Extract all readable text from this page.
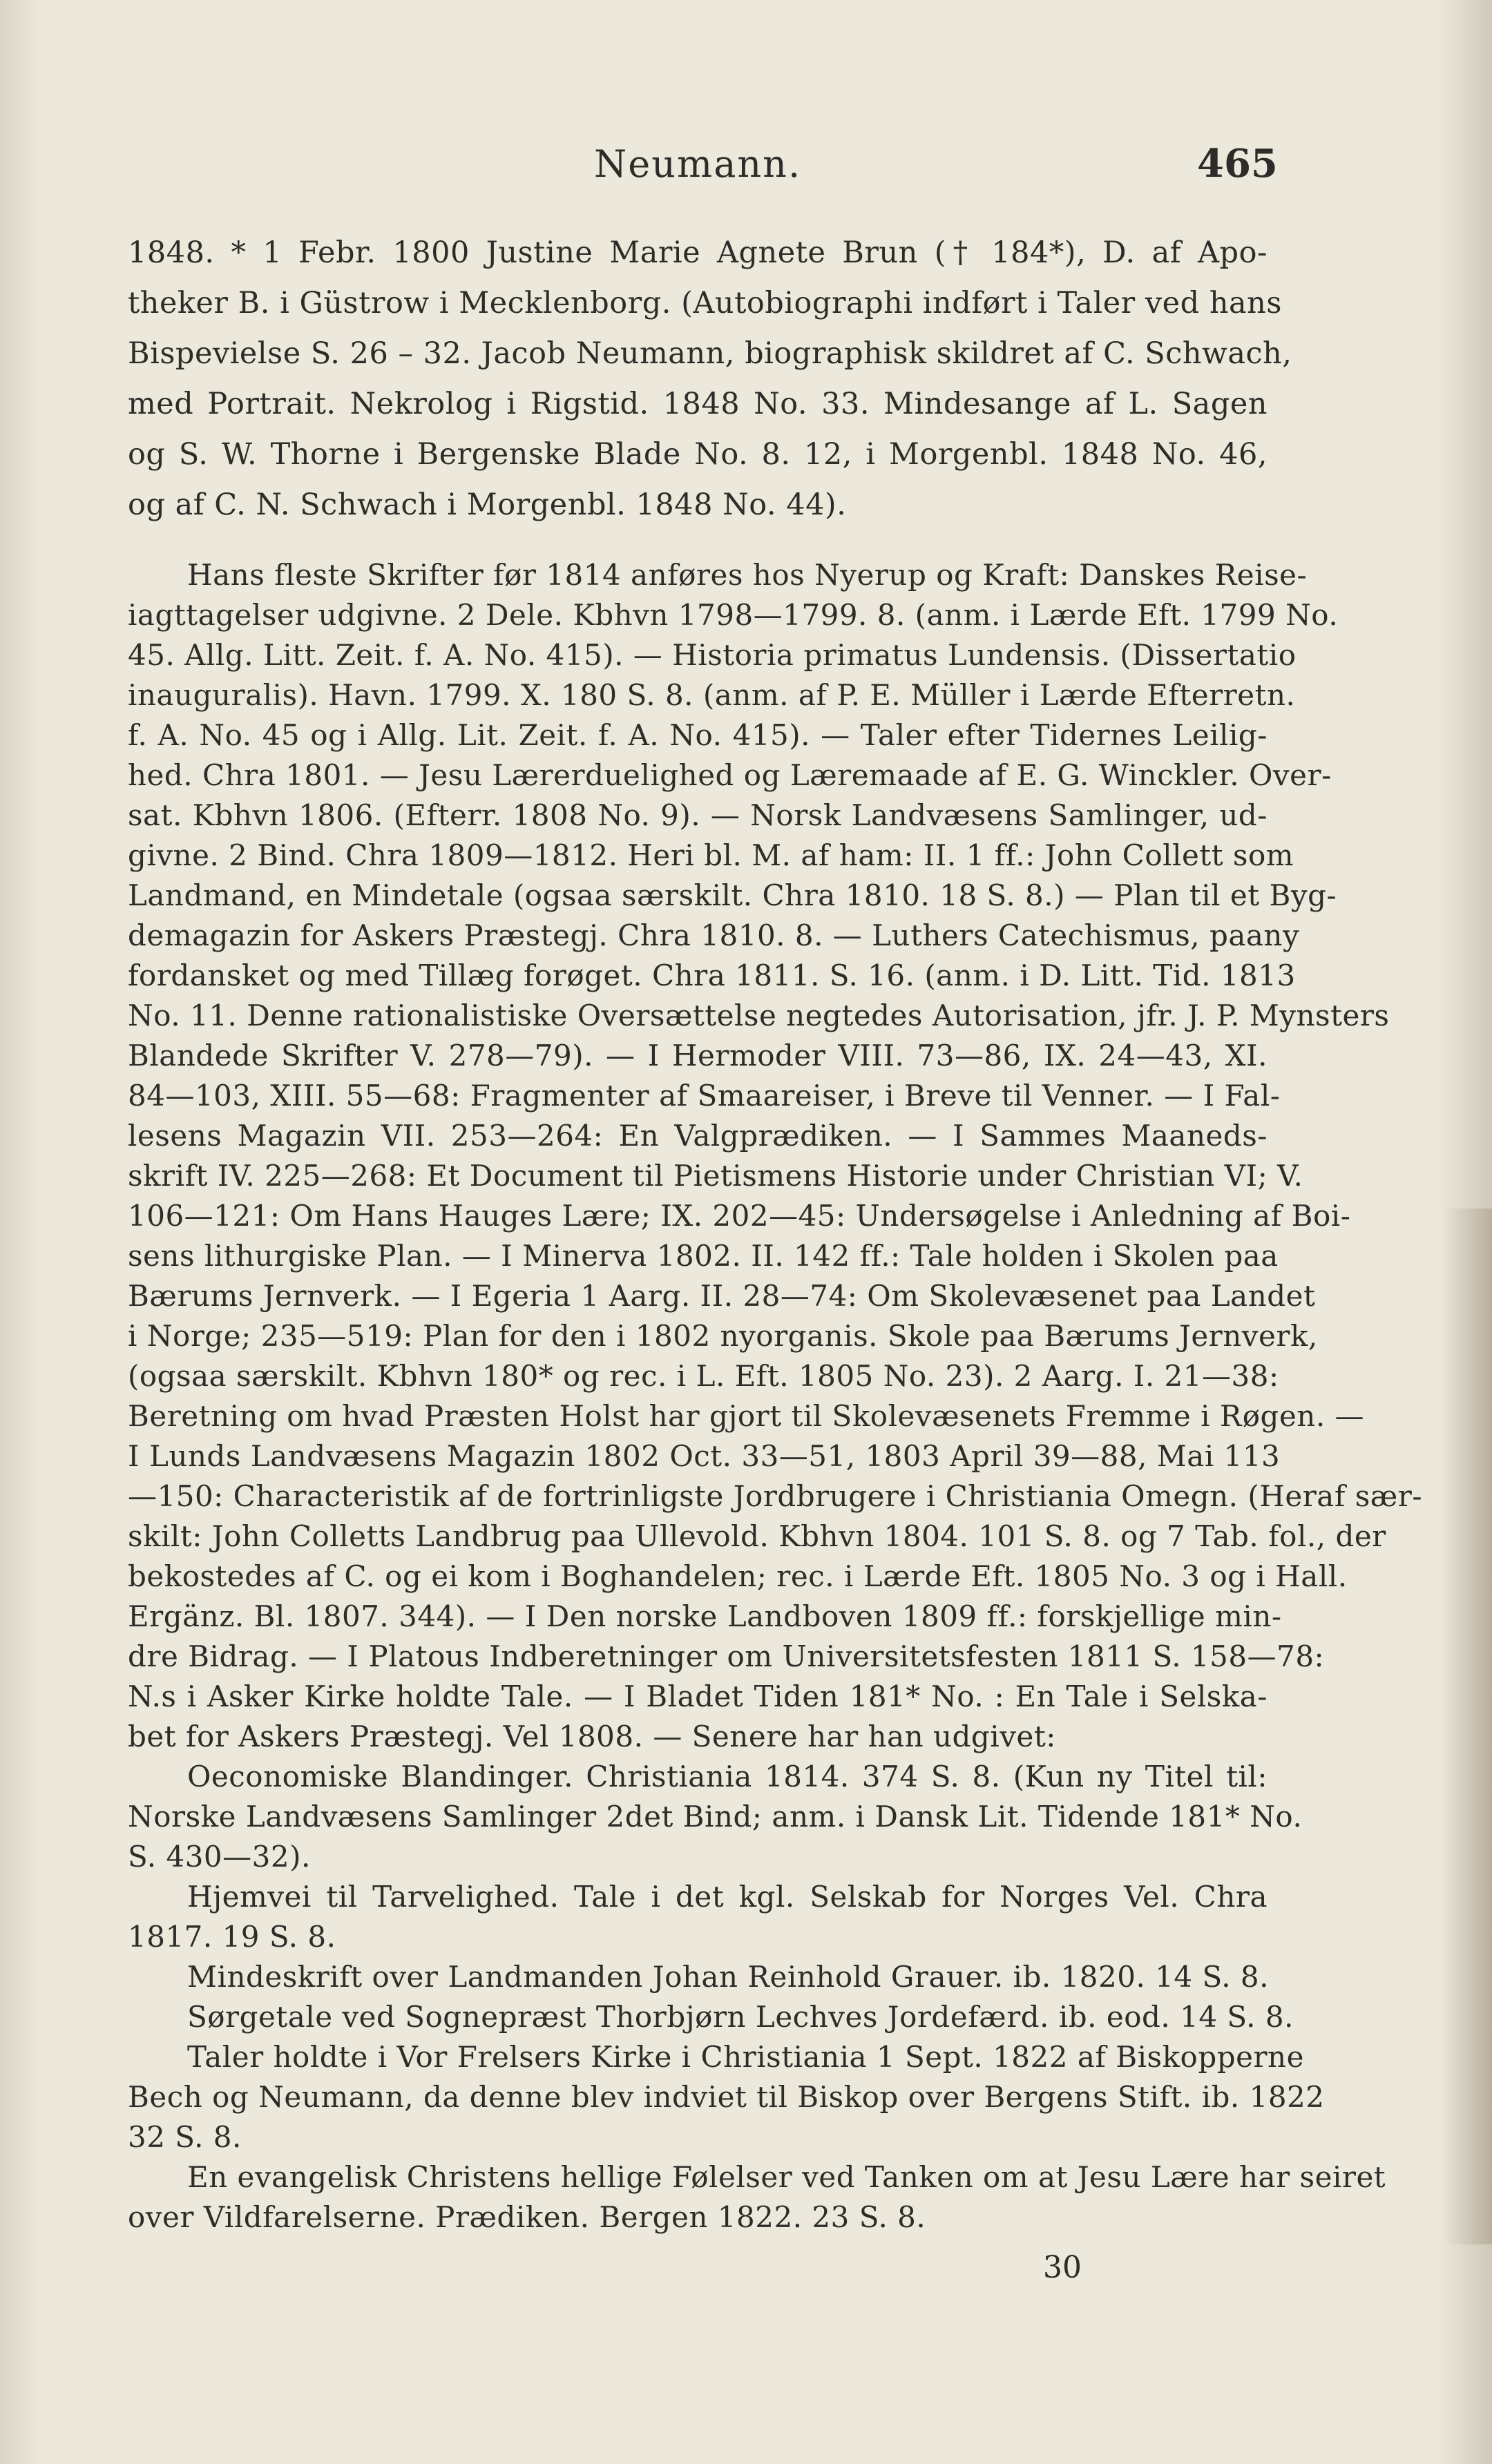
Neumann.	465
1848. * 1 Febr. 1800 Justine Marie Agnete Brun († 184*), D. af Apo-
theker B. i Güstrow i Mecklenborg. (Autobiographi indført i Taler ved hans
Bispevielse S. 26 – 32. Jacob Neumann, biographisk skildret af C. Schwach,
med Portrait. Nekrolog i Rigstid. 1848 No. 33. Mindesange af L. Sagen
og S. W. Thorne i Bergenske Blade No. 8. 12, i Morgenbl. 1848 No. 46,
og af C. N. Schwach i Morgenbl. 1848 No. 44).
Hans fleste Skrifter før 1814 anføres hos Nyerup og Kraft: Danskes Reise-
iagttagelser udgivne. 2 Dele. Kbhvn 1798—1799. 8. (anm. i Lærde Eft. 1799 No.
45. Allg. Litt. Zeit. f. A. No. 415). — Historia primatus Lundensis. (Dissertatio
inauguralis). Havn. 1799. X. 180 S. 8. (anm. af P. E. Müller i Lærde Efterretn.
f. A. No. 45 og i Allg. Lit. Zeit. f. A. No. 415). — Taler efter Tidernes Leilig-
hed. Chra 1801. — Jesu Lærerduelighed og Læremaade af E. G. Winckler. Over-
sat. Kbhvn 1806. (Efterr. 1808 No. 9). — Norsk Landvæsens Samlinger, ud-
givne. 2 Bind. Chra 1809—1812. Heri bl. M. af ham: II. 1 ff.: John Collett som
Landmand, en Mindetale (ogsaa særskilt. Chra 1810. 18 S. 8.) — Plan til et Byg-
demagazin for Askers Præstegj. Chra 1810. 8. — Luthers Catechismus, paany
fordansket og med Tillæg forøget. Chra 1811. S. 16. (anm. i D. Litt. Tid. 1813
No. 11. Denne rationalistiske Oversættelse negtedes Autorisation, jfr. J. P. Mynsters
Blandede Skrifter V. 278—79). — I Hermoder VIII. 73—86, IX. 24—43, XI.
84—103, XIII. 55—68: Fragmenter af Smaareiser, i Breve til Venner. — I Fal-
lesens Magazin VII. 253—264: En Valgprædiken. — I Sammes Maaneds-
skrift IV. 225—268: Et Document til Pietismens Historie under Christian VI; V.
106—121: Om Hans Hauges Lære; IX. 202—45: Undersøgelse i Anledning af Boi-
sens lithurgiske Plan. — I Minerva 1802. II. 142 ff.: Tale holden i Skolen paa
Bærums Jernverk. — I Egeria 1 Aarg. II. 28—74: Om Skolevæsenet paa Landet
i Norge; 235—519: Plan for den i 1802 nyorganis. Skole paa Bærums Jernverk,
(ogsaa særskilt. Kbhvn 180* og rec. i L. Eft. 1805 No. 23). 2 Aarg. I. 21—38:
Beretning om hvad Præsten Holst har gjort til Skolevæsenets Fremme i Røgen. —
I Lunds Landvæsens Magazin 1802 Oct. 33—51, 1803 April 39—88, Mai 113
—150: Characteristik af de fortrinligste Jordbrugere i Christiania Omegn. (Heraf sær-
skilt: John Colletts Landbrug paa Ullevold. Kbhvn 1804. 101 S. 8. og 7 Tab. fol., der
bekostedes af C. og ei kom i Boghandelen; rec. i Lærde Eft. 1805 No. 3 og i Hall.
Ergänz. Bl. 1807. 344). — I Den norske Landboven 1809 ff.: forskjellige min-
dre Bidrag. — I Platous Indberetninger om Universitetsfesten 1811 S. 158—78:
N.s i Asker Kirke holdte Tale. — I Bladet Tiden 181* No. : En Tale i Selska-
bet for Askers Præstegj. Vel 1808. — Senere har han udgivet:
Oeconomiske Blandinger. Christiania 1814. 374 S. 8. (Kun ny Titel til:
Norske Landvæsens Samlinger 2det Bind; anm. i Dansk Lit. Tidende 181* No.
S. 430—32).
Hjemvei til Tarvelighed. Tale i det kgl. Selskab for Norges Vel. Chra
1817. 19 S. 8.
Mindeskrift over Landmanden Johan Reinhold Grauer. ib. 1820. 14 S. 8.
Sørgetale ved Sognepræst Thorbjørn Lechves Jordefærd. ib. eod. 14 S. 8.
Taler holdte i Vor Frelsers Kirke i Christiania 1 Sept. 1822 af Biskopperne
Bech og Neumann, da denne blev indviet til Biskop over Bergens Stift. ib. 1822
32 S. 8.
En evangelisk Christens hellige Følelser ved Tanken om at Jesu Lære har seiret
over Vildfarelserne. Prædiken. Bergen 1822. 23 S. 8.
30
